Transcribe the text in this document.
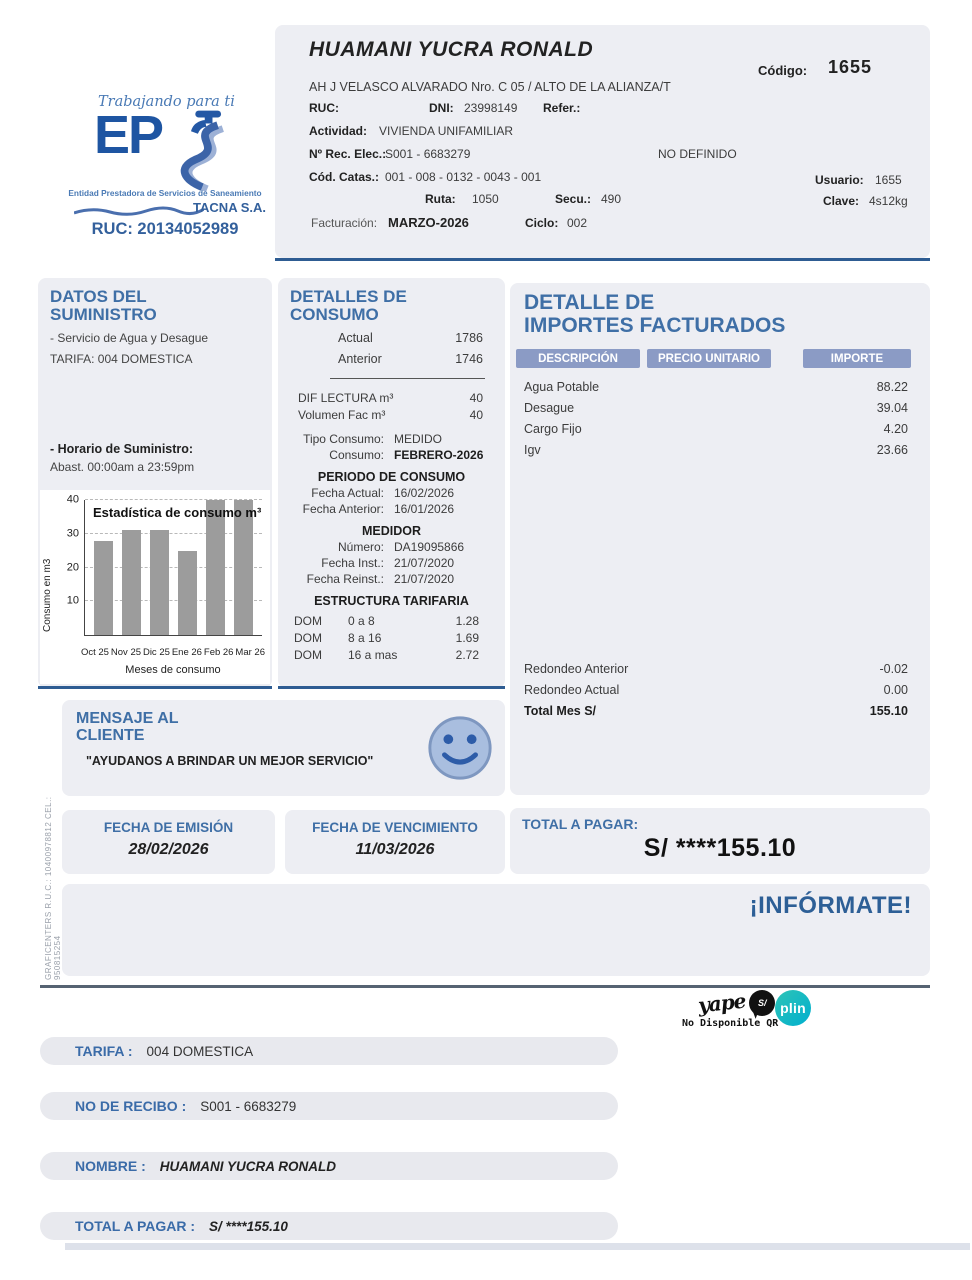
Trabajando para ti
EP
Entidad Prestadora de Servicios de Saneamiento
TACNA S.A.
RUC: 20134052989
HUAMANI YUCRA RONALD
Código: 1655
AH J VELASCO ALVARADO Nro. C 05 / ALTO DE LA ALIANZA/T
RUC:	DNI: 23998149 Refer.:
Actividad: VIVIENDA UNIFAMILIAR
Nº Rec. Elec.:
S001 - 6683279	NO DEFINIDO
Cód. Catas.: 001 - 008 - 0132 - 0043 - 001
Ruta: 1050	Secu.: 490
Usuario: 1655
Clave: 4s12kg
Facturación: MARZO-2026	Ciclo: 002
DATOS DEL
SUMINISTRO
- Servicio de Agua y Desague
TARIFA: 004 DOMESTICA
- Horario de Suministro:
Abast. 00:00am a 23:59pm
Consumo en m3	10
20
30
40
Estadística de consumo m³
Oct 25 Nov 25 Dic 25 Ene 26 Feb 26 Mar 26
Meses de consumo
DETALLES DE
CONSUMO
Actual	1786
Anterior	1746
DIF LECTURA m³	40
Volumen Fac m³	40
Tipo Consumo: MEDIDO
Consumo: FEBRERO-2026
PERIODO DE CONSUMO
Fecha Actual: 16/02/2026
Fecha Anterior: 16/01/2026
MEDIDOR
Número: DA19095866
Fecha Inst.: 21/07/2020
Fecha Reinst.: 21/07/2020
ESTRUCTURA TARIFARIA
DOM	0 a 8	1.28
DOM	8 a 16	1.69
DOM	16 a mas	2.72
DETALLE DE
IMPORTES FACTURADOS
DESCRIPCIÓN	PRECIO UNITARIO	IMPORTE
Agua Potable	88.22
Desague	39.04
Cargo Fijo	4.20
Igv	23.66
Redondeo Anterior	-0.02
Redondeo Actual	0.00
Total Mes S/	155.10
MENSAJE AL
CLIENTE
"AYUDANOS A BRINDAR UN MEJOR SERVICIO"
FECHA DE EMISIÓN
28/02/2026
FECHA DE VENCIMIENTO
11/03/2026
TOTAL A PAGAR:
S/ ****155.10
¡INFÓRMATE!
GRAFICENTERS R.U.C.: 10400978812 CEL.: 950815254
yape S/ plin
No Disponible QR
TARIFA : 004 DOMESTICA
NO DE RECIBO : S001 - 6683279
NOMBRE : HUAMANI YUCRA RONALD
TOTAL A PAGAR : S/ ****155.10
